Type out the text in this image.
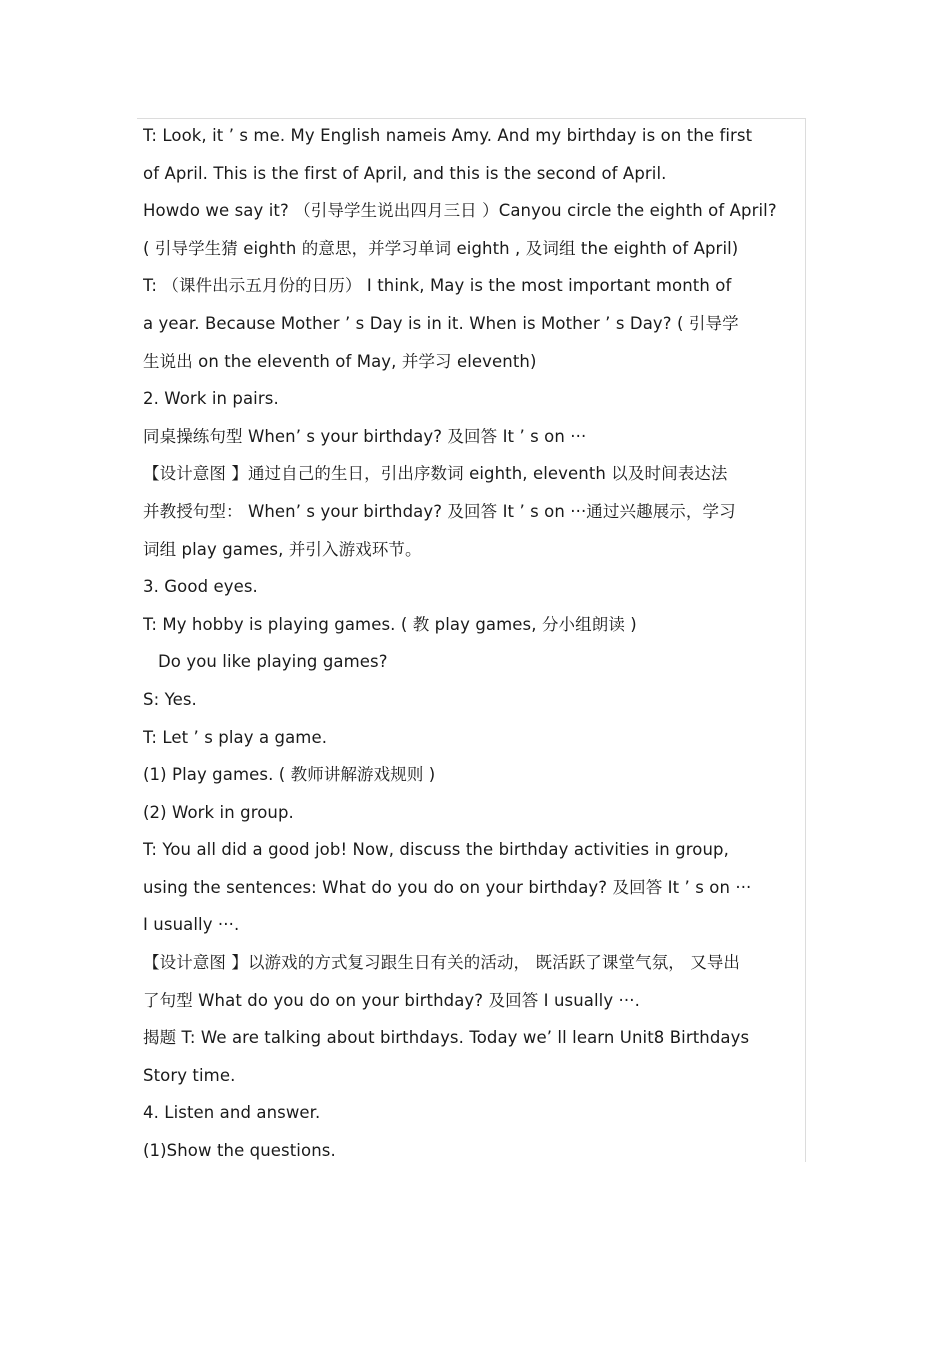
T: Look, it ’ s me. My English nameis Amy. And my birthday is on the first
of April. This is the first of April, and this is the second of April.
Howdo we say it? （引导学生说出四月三日 ）Canyou circle the eighth of April?
( 引导学生猜 eighth 的意思，并学习单词 eighth , 及词组 the eighth of April)
T: （课件出示五月份的日历） I think, May is the most important month of
a year. Because Mother ’ s Day is in it. When is Mother ’ s Day? ( 引导学
生说出 on the eleventh of May, 并学习 eleventh)
2. Work in pairs.
同桌操练句型 When’ s your birthday? 及回答 It ’ s on ···
【设计意图 】通过自己的生日，引出序数词 eighth, eleventh 以及时间表达法
并教授句型： When’ s your birthday? 及回答 It ’ s on ···通过兴趣展示，学习
词组 play games, 并引入游戏环节。
3. Good eyes.
T: My hobby is playing games. ( 教 play games, 分小组朗读 )
Do you like playing games?
S: Yes.
T: Let ’ s play a game.
(1) Play games. ( 教师讲解游戏规则 )
(2) Work in group.
T: You all did a good job! Now, discuss the birthday activities in group,
using the sentences: What do you do on your birthday? 及回答 It ’ s on ···
I usually ···.
【设计意图 】以游戏的方式复习跟生日有关的活动， 既活跃了课堂气氛， 又导出
了句型 What do you do on your birthday? 及回答 I usually ···.
揭题 T: We are talking about birthdays. Today we’ ll learn Unit8 Birthdays
Story time.
4. Listen and answer.
(1)Show the questions.
